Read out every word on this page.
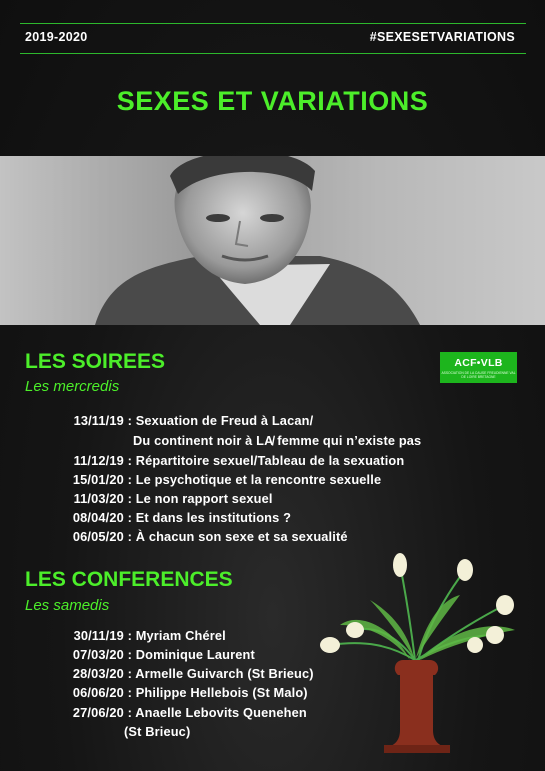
2019-2020	#SEXESETVARIATIONS
SEXES ET VARIATIONS
LES SOIREES
Les mercredis
ACF•VLB
ASSOCIATION DE LA CAUSE FREUDIENNE VAL DE LOIRE BRETAGNE
13/11/19 : Sexuation de Freud à Lacan/
Du continent noir à LA̸ femme qui n’existe pas
11/12/19 : Répartitoire sexuel/Tableau de la sexuation
15/01/20 : Le psychotique et la rencontre sexuelle
11/03/20 : Le non rapport sexuel
08/04/20 : Et dans les institutions ?
06/05/20 : À chacun son sexe et sa sexualité
LES CONFERENCES
Les samedis
30/11/19 : Myriam Chérel
07/03/20 : Dominique Laurent
28/03/20 : Armelle Guivarch (St Brieuc)
06/06/20 : Philippe Hellebois (St Malo)
27/06/20 : Anaelle Lebovits Quenehen
(St Brieuc)
